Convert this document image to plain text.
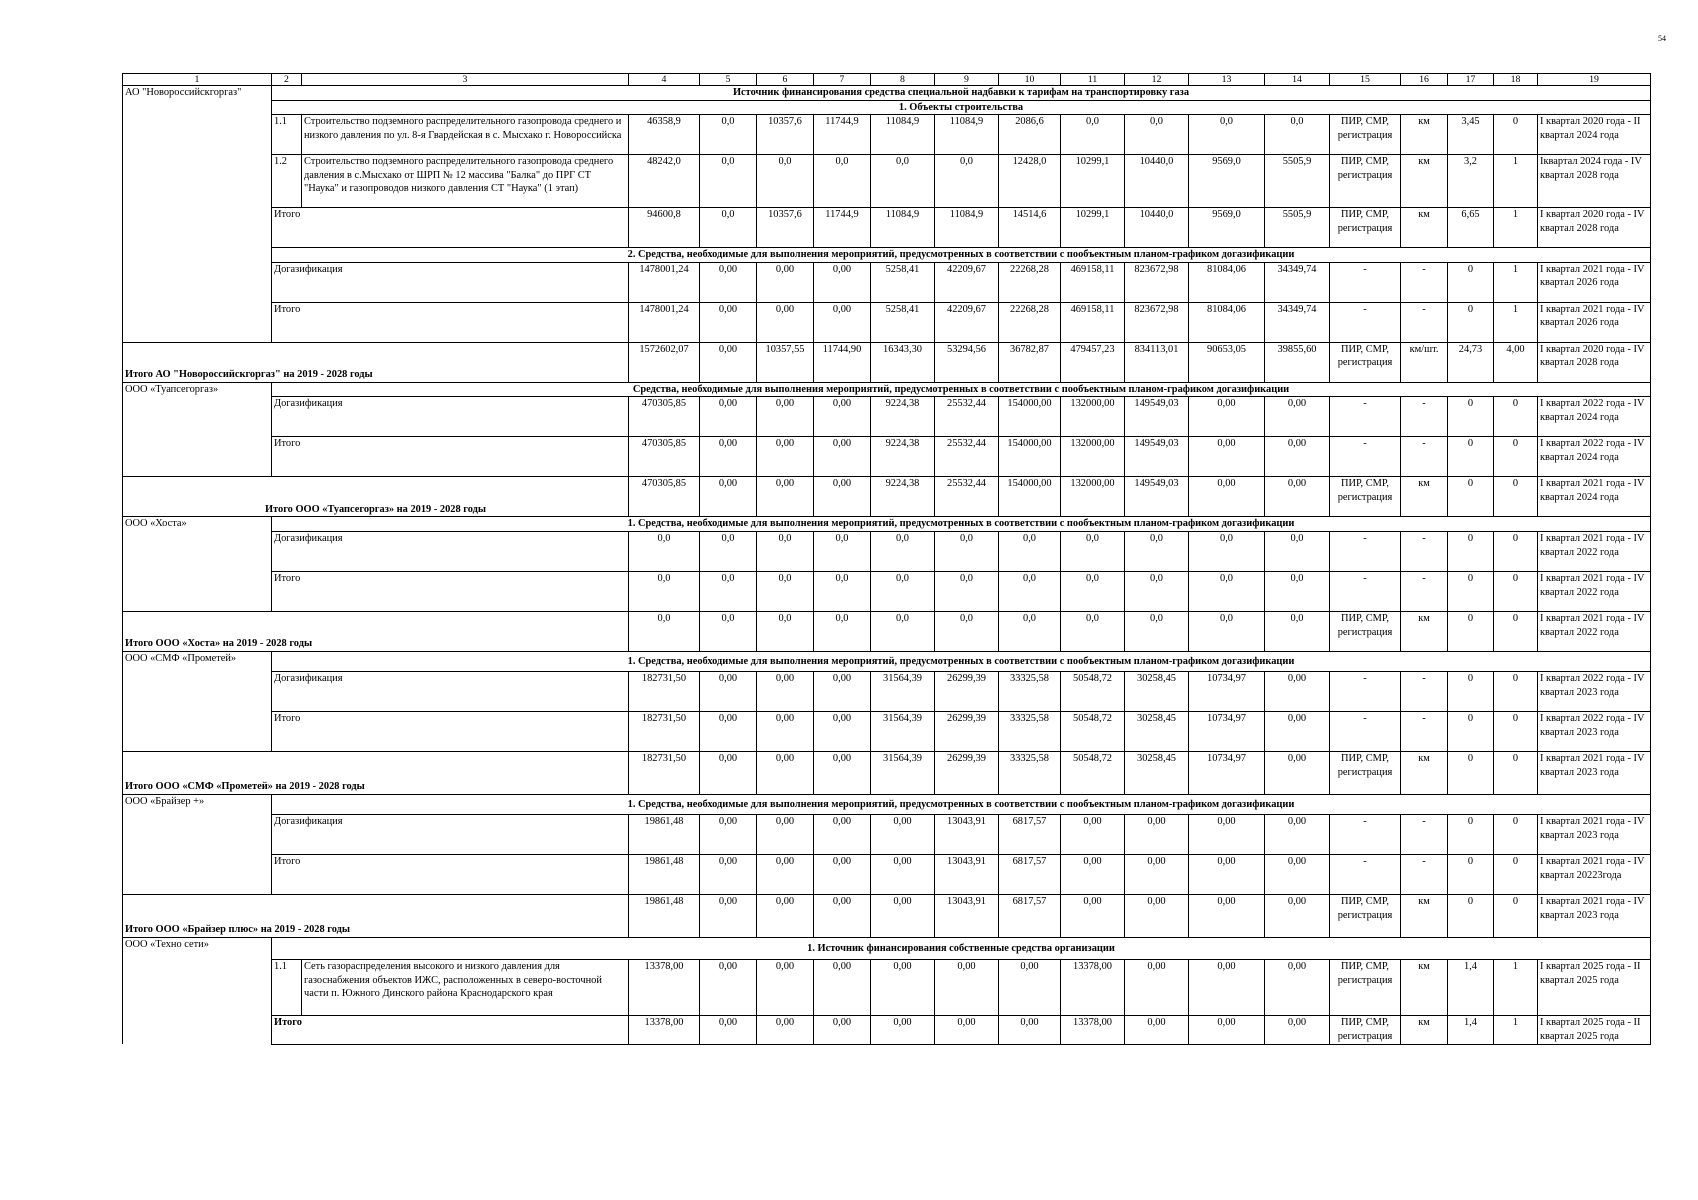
54
1	2	3	4	5	6	7	8	9	10	11	12	13	14	15	16	17	18	19
АО "Новороссийскгоргаз"	Источник финансирования средства специальной надбавки к тарифам на транспортировку газа																	
	1. Объекты строительства																	
	1.1	Строительство подземного распределительного газопровода среднего и низкого давления по ул. 8-я Гвардейская в с. Мысхако г. Новороссийска	46358,9	0,0	10357,6	11744,9	11084,9	11084,9	2086,6	0,0	0,0	0,0	0,0	ПИР, СМР, регистрация	км	3,45	0	I квартал 2020 года - II квартал 2024 года
	1.2	Строительство подземного распределительного газопровода среднего давления в с.Мысхако от ШРП № 12 массива "Балка" до ПРГ СТ "Наука" и газопроводов низкого давления СТ "Наука" (1 этап)	48242,0	0,0	0,0	0,0	0,0	0,0	12428,0	10299,1	10440,0	9569,0	5505,9	ПИР, СМР, регистрация	км	3,2	1	Iквартал 2024 года - IV квартал 2028 года
	Итого		94600,8	0,0	10357,6	11744,9	11084,9	11084,9	14514,6	10299,1	10440,0	9569,0	5505,9	ПИР, СМР, регистрация	км	6,65	1	I квартал 2020 года - IV квартал 2028 года
	2. Средства, необходимые для выполнения мероприятий, предусмотренных в соответствии с пообъектным планом-графиком догазификации																	
	Догазификация		1478001,24	0,00	0,00	0,00	5258,41	42209,67	22268,28	469158,11	823672,98	81084,06	34349,74	-	-	0	1	I квартал 2021 года - IV квартал 2026 года
	Итого		1478001,24	0,00	0,00	0,00	5258,41	42209,67	22268,28	469158,11	823672,98	81084,06	34349,74	-	-	0	1	I квартал 2021 года - IV квартал 2026 года
Итого АО "Новороссийскгоргаз" на 2019 - 2028 годы			1572602,07	0,00	10357,55	11744,90	16343,30	53294,56	36782,87	479457,23	834113,01	90653,05	39855,60	ПИР, СМР, регистрация	км/шт.	24,73	4,00	I квартал 2020 года - IV квартал 2028 года
ООО «Туапсегоргаз»	Средства, необходимые для выполнения мероприятий, предусмотренных в соответствии с пообъектным планом-графиком догазификации																	
	Догазификация		470305,85	0,00	0,00	0,00	9224,38	25532,44	154000,00	132000,00	149549,03	0,00	0,00	-	-	0	0	I квартал 2022 года - IV квартал 2024 года
	Итого		470305,85	0,00	0,00	0,00	9224,38	25532,44	154000,00	132000,00	149549,03	0,00	0,00	-	-	0	0	I квартал 2022 года - IV квартал 2024 года
Итого ООО «Туапсегоргаз» на 2019 - 2028 годы			470305,85	0,00	0,00	0,00	9224,38	25532,44	154000,00	132000,00	149549,03	0,00	0,00	ПИР, СМР, регистрация	км	0	0	I квартал 2021 года - IV квартал 2024 года
ООО «Хоста»	1. Средства, необходимые для выполнения мероприятий, предусмотренных в соответствии с пообъектным планом-графиком догазификации																	
	Догазификация		0,0	0,0	0,0	0,0	0,0	0,0	0,0	0,0	0,0	0,0	0,0	-	-	0	0	I квартал 2021 года - IV квартал 2022 года
	Итого		0,0	0,0	0,0	0,0	0,0	0,0	0,0	0,0	0,0	0,0	0,0	-	-	0	0	I квартал 2021 года - IV квартал 2022 года
Итого ООО «Хоста» на 2019 - 2028 годы			0,0	0,0	0,0	0,0	0,0	0,0	0,0	0,0	0,0	0,0	0,0	ПИР, СМР, регистрация	км	0	0	I квартал 2021 года - IV квартал 2022 года
ООО «СМФ «Прометей»	1. Средства, необходимые для выполнения мероприятий, предусмотренных в соответствии с пообъектным планом-графиком догазификации																	
	Догазификация		182731,50	0,00	0,00	0,00	31564,39	26299,39	33325,58	50548,72	30258,45	10734,97	0,00	-	-	0	0	I квартал 2022 года - IV квартал 2023 года
	Итого		182731,50	0,00	0,00	0,00	31564,39	26299,39	33325,58	50548,72	30258,45	10734,97	0,00	-	-	0	0	I квартал 2022 года - IV квартал 2023 года
Итого ООО «СМФ «Прометей» на 2019 - 2028 годы			182731,50	0,00	0,00	0,00	31564,39	26299,39	33325,58	50548,72	30258,45	10734,97	0,00	ПИР, СМР, регистрация	км	0	0	I квартал 2021 года - IV квартал 2023 года
ООО «Брайзер +»	1. Средства, необходимые для выполнения мероприятий, предусмотренных в соответствии с пообъектным планом-графиком догазификации																	
	Догазификация		19861,48	0,00	0,00	0,00	0,00	13043,91	6817,57	0,00	0,00	0,00	0,00	-	-	0	0	I квартал 2021 года - IV квартал 2023 года
	Итого		19861,48	0,00	0,00	0,00	0,00	13043,91	6817,57	0,00	0,00	0,00	0,00	-	-	0	0	I квартал 2021 года - IV квартал 20223года
Итого ООО «Брайзер плюс» на 2019 - 2028 годы			19861,48	0,00	0,00	0,00	0,00	13043,91	6817,57	0,00	0,00	0,00	0,00	ПИР, СМР, регистрация	км	0	0	I квартал 2021 года - IV квартал 2023 года
ООО «Техно сети»	1. Источник финансирования собственные средства организации																	
	1.1	Сеть газораспределения высокого и низкого давления для газоснабжения объектов ИЖС, расположенных в северо-восточной части п. Южного Динского района Краснодарского края	13378,00	0,00	0,00	0,00	0,00	0,00	0,00	13378,00	0,00	0,00	0,00	ПИР, СМР, регистрация	км	1,4	1	I квартал 2025 года - II квартал 2025 года
	Итого		13378,00	0,00	0,00	0,00	0,00	0,00	0,00	13378,00	0,00	0,00	0,00	ПИР, СМР, регистрация	км	1,4	1	I квартал 2025 года - II квартал 2025 года
